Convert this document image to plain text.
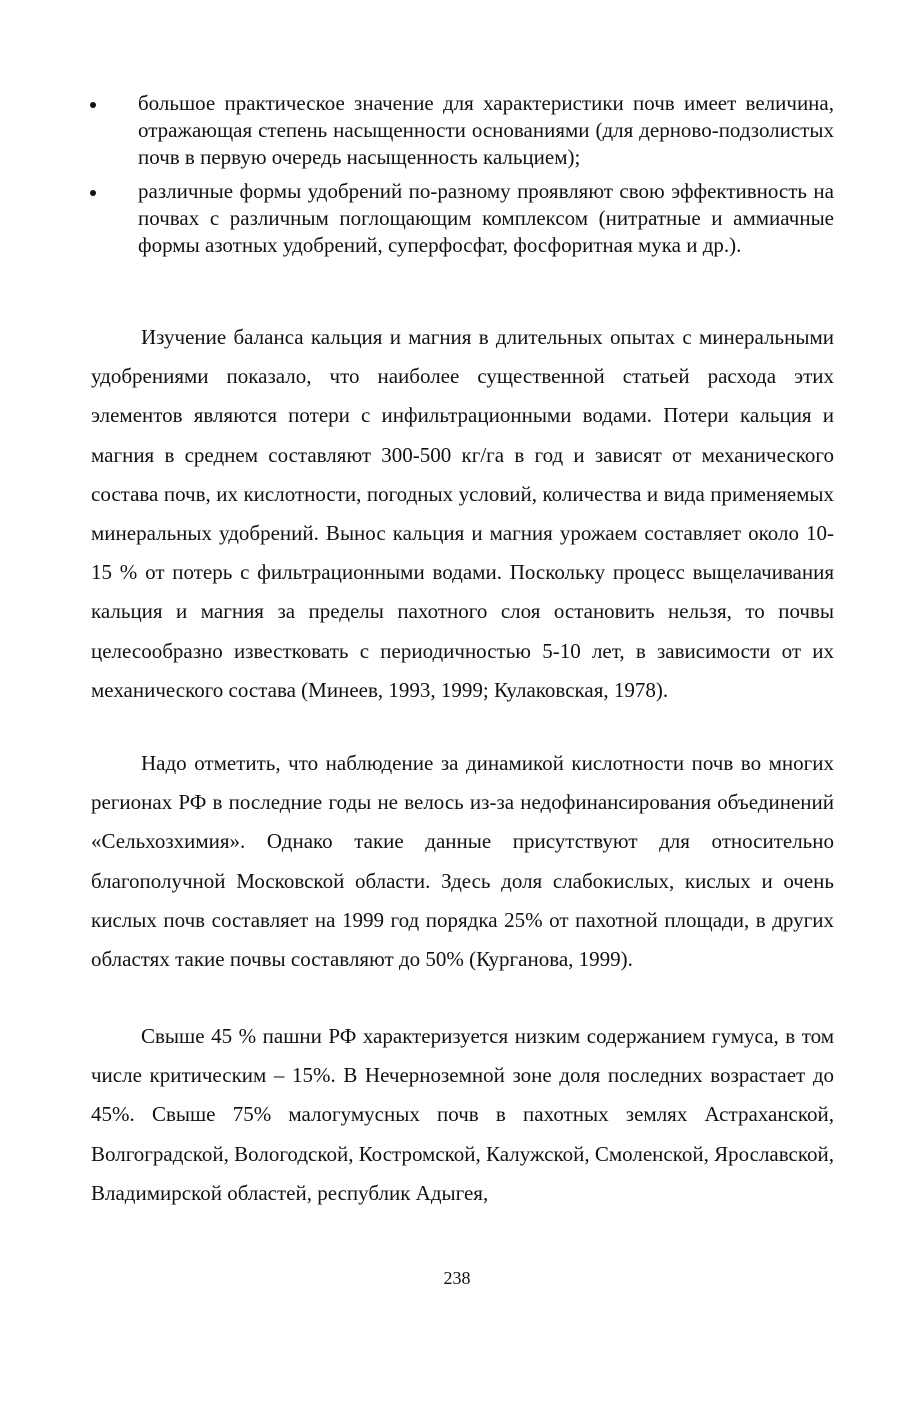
большое практическое значение для характеристики почв имеет величина, отражающая степень насыщенности основаниями (для дерново-подзолистых почв в первую очередь насыщенность кальцием);
различные формы удобрений по-разному проявляют свою эффективность на почвах с различным поглощающим комплексом (нитратные и аммиачные формы азотных удобрений, суперфосфат, фосфоритная мука и др.).

Изучение баланса кальция и магния в длительных опытах с минеральными удобрениями показало, что наиболее существенной статьей расхода этих элементов являются потери с инфильтрационными водами. Потери кальция и магния в среднем составляют 300-500 кг/га в год и зависят от механического состава почв, их кислотности, погодных условий, количества и вида применяемых минеральных удобрений. Вынос кальция и магния урожаем составляет около 10-15 % от потерь с фильтрационными водами. Поскольку процесс выщелачивания кальция и магния за пределы пахотного слоя остановить нельзя, то почвы целесообразно известковать с периодичностью 5-10 лет, в зависимости от их механического состава (Минеев, 1993, 1999; Кулаковская, 1978).

Надо отметить, что наблюдение за динамикой кислотности почв во многих регионах РФ в последние годы не велось из-за недофинансирования объединений «Сельхозхимия». Однако такие данные присутствуют для относительно благополучной Московской области. Здесь доля слабокислых, кислых и очень кислых почв составляет на 1999 год порядка 25% от пахотной площади, в других областях такие почвы составляют до 50% (Курганова, 1999).

Свыше 45 % пашни РФ характеризуется низким содержанием гумуса, в том числе критическим – 15%. В Нечерноземной зоне доля последних возрастает до 45%. Свыше 75% малогумусных почв в пахотных землях Астраханской, Волгоградской, Вологодской, Костромской, Калужской, Смоленской, Ярославской, Владимирской областей, республик Адыгея,

238
